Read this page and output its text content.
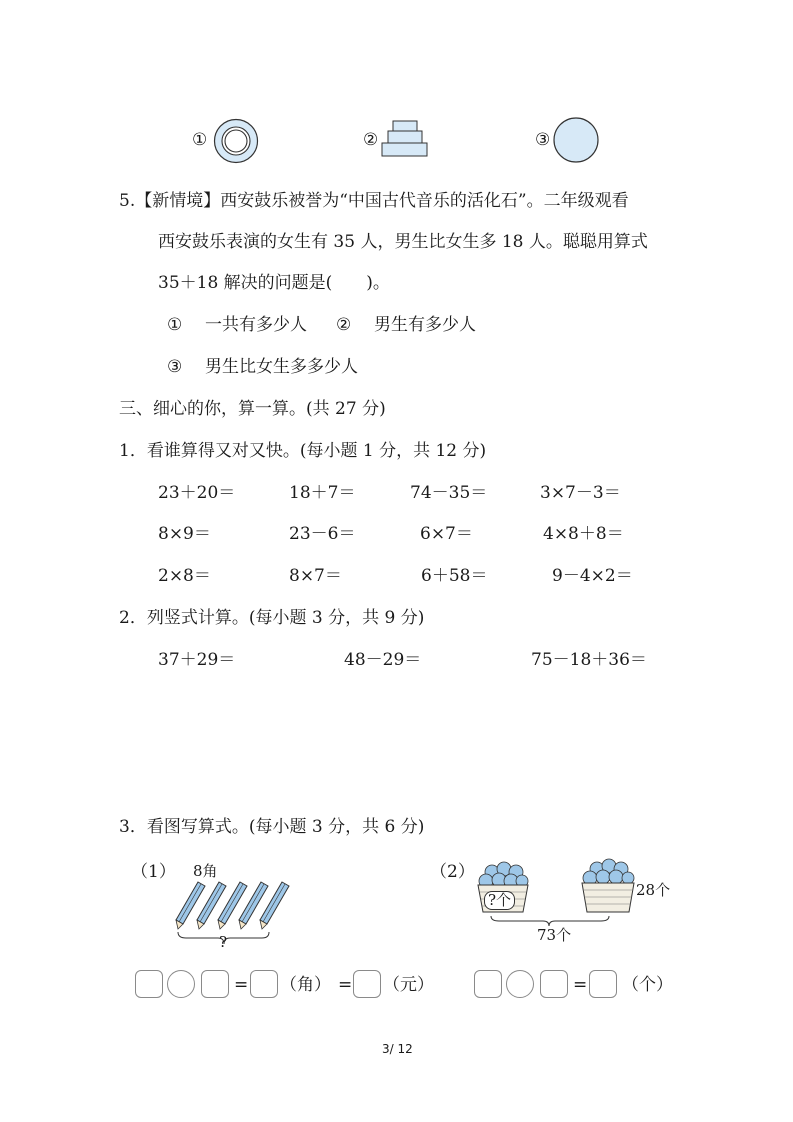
①	②	③
5.【新情境】西安鼓乐被誉为“中国古代音乐的活化石”。二年级观看
西安鼓乐表演的女生有 35 人，男生比女生多 18 人。聪聪用算式
35＋18 解决的问题是(　　)。
① 一共有多少人 ② 男生有多少人
③ 男生比女生多多少人
三、细心的你，算一算。(共 27 分)
1．看谁算得又对又快。(每小题 1 分，共 12 分)
23＋20＝	18＋7＝	74－35＝	3×7－3＝
8×9＝	23－6＝	6×7＝	4×8＋8＝
2×8＝	8×7＝	6＋58＝	9－4×2＝
2．列竖式计算。(每小题 3 分，共 9 分)
37＋29＝	48－29＝	75－18＋36＝
3．看图写算式。(每小题 3 分，共 6 分)
（1） 8角
?
= （角）	（元）
=
（2）
?个
28个
73个
= （个）
3/ 12
